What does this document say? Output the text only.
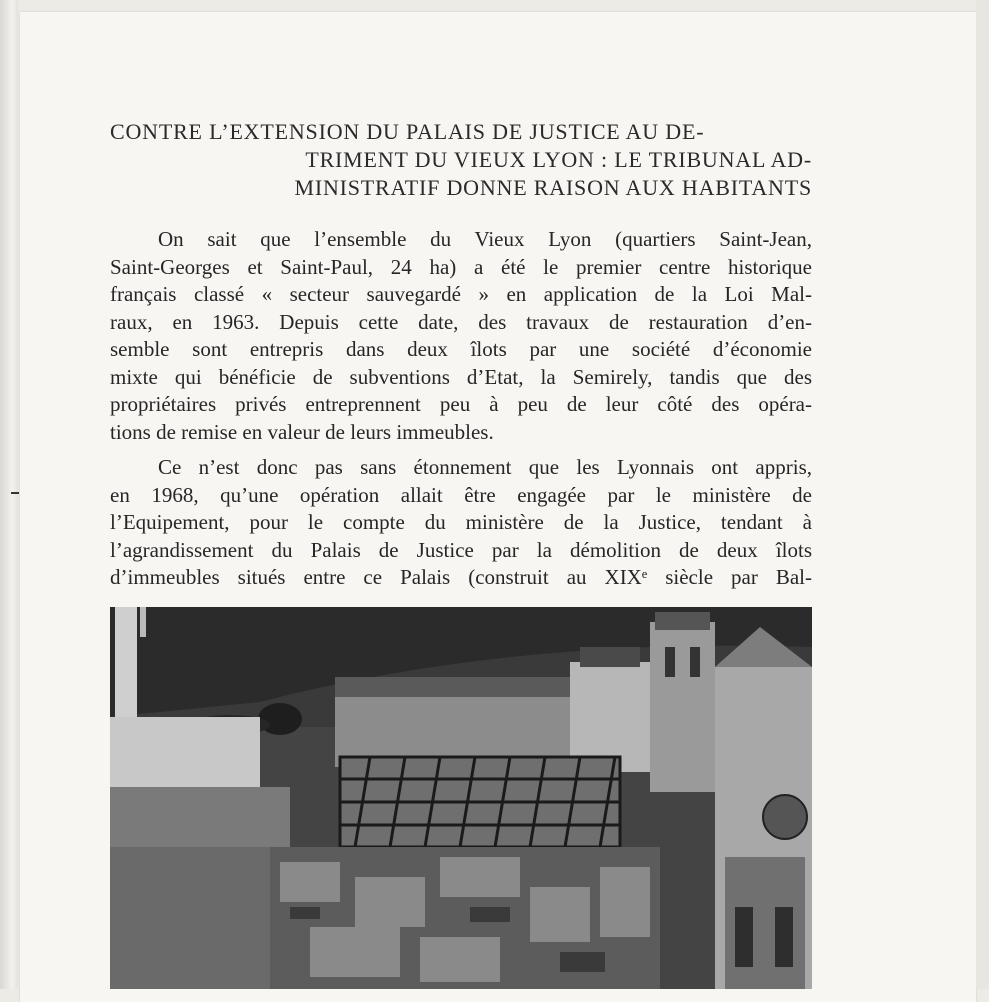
CONTRE L’EXTENSION DU PALAIS DE JUSTICE AU DE-
TRIMENT DU VIEUX LYON : LE TRIBUNAL AD-
MINISTRATIF DONNE RAISON AUX HABITANTS

On sait que l’ensemble du Vieux Lyon (quartiers Saint-Jean,
Saint-Georges et Saint-Paul, 24 ha) a été le premier centre historique
français classé « secteur sauvegardé » en application de la Loi Mal-
raux, en 1963. Depuis cette date, des travaux de restauration d’en-
semble sont entrepris dans deux îlots par une société d’économie
mixte qui bénéficie de subventions d’Etat, la Semirely, tandis que des
propriétaires privés entreprennent peu à peu de leur côté des opéra-
tions de remise en valeur de leurs immeubles.

Ce n’est donc pas sans étonnement que les Lyonnais ont appris,
en 1968, qu’une opération allait être engagée par le ministère de
l’Equipement, pour le compte du ministère de la Justice, tendant à
l’agrandissement du Palais de Justice par la démolition de deux îlots
d’immeubles situés entre ce Palais (construit au XIXᵉ siècle par Bal-
